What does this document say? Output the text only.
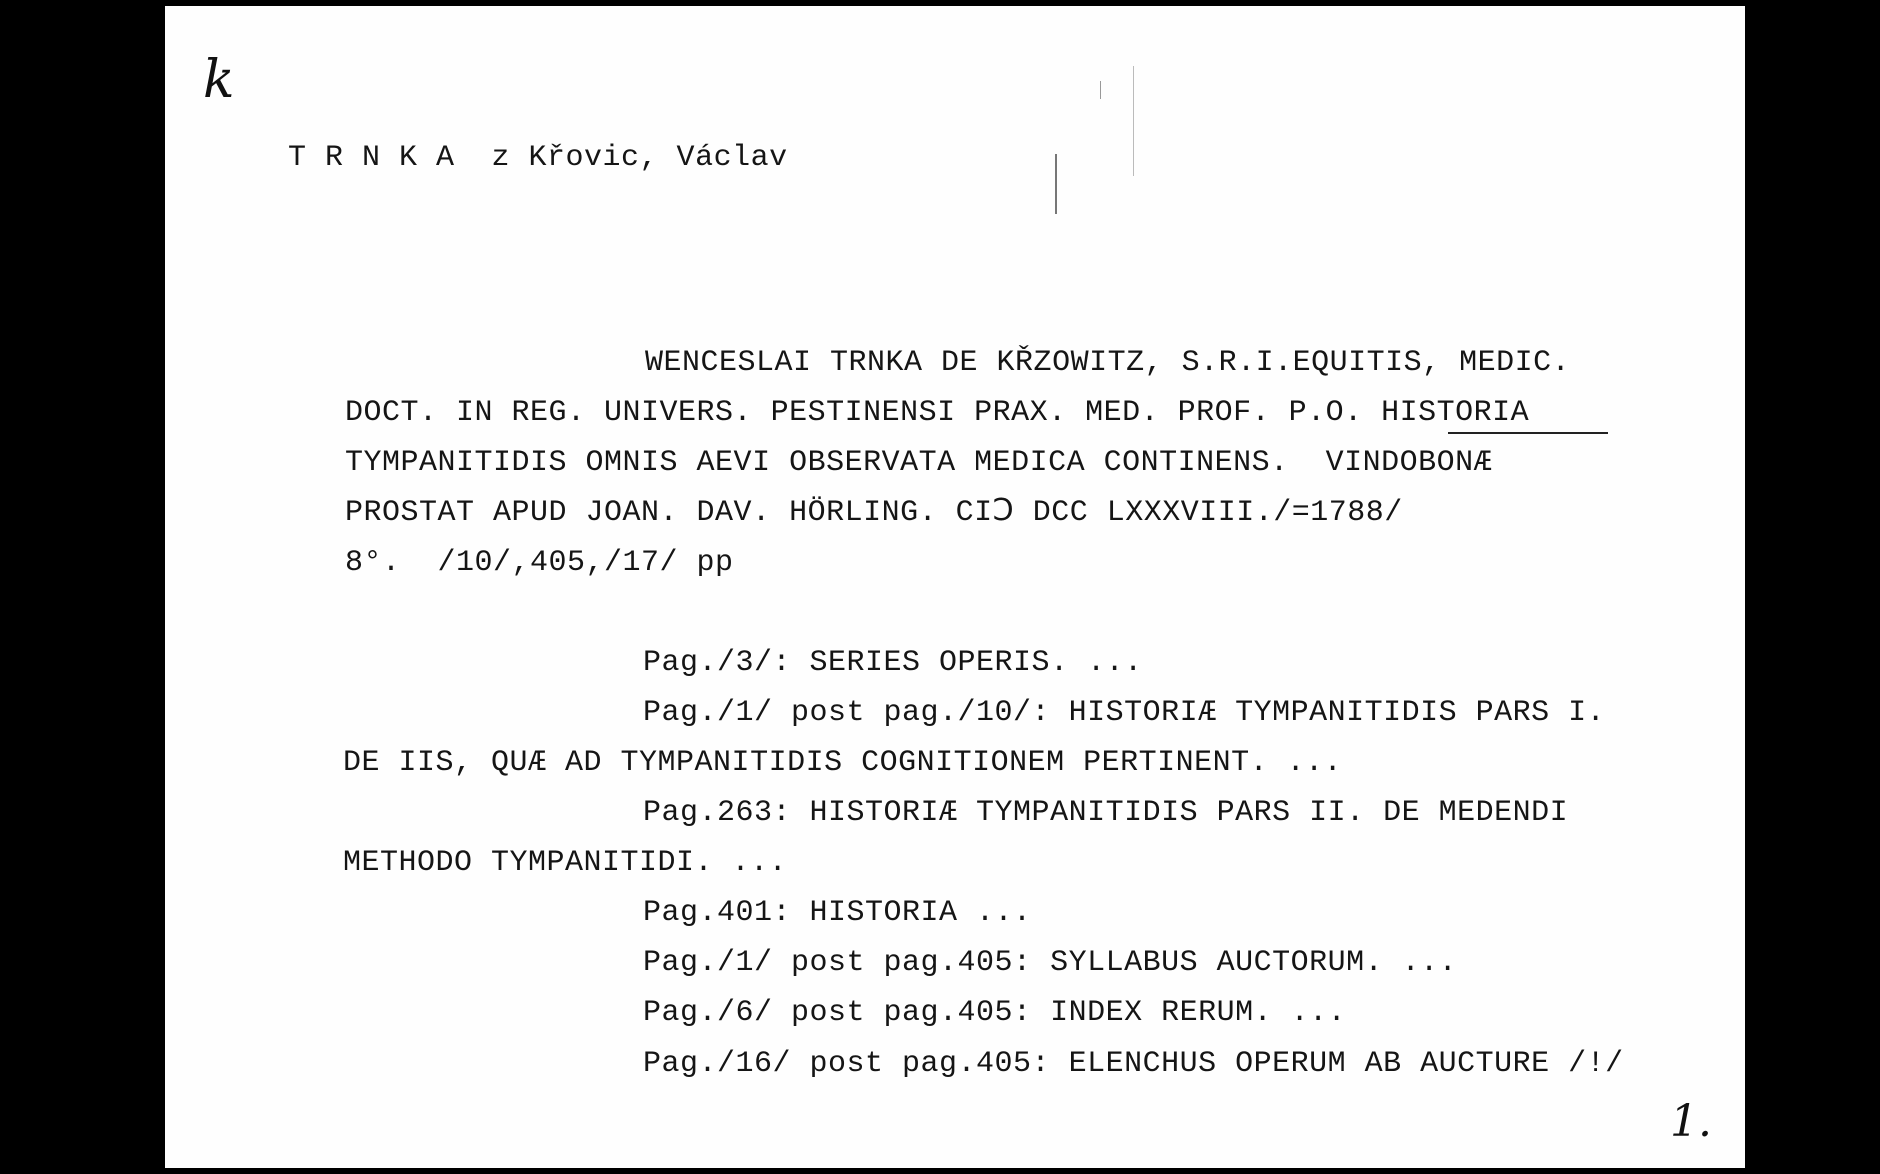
k
T R N K A  z Křovic, Václav
WENCESLAI TRNKA DE KŘZOWITZ, S.R.I.EQUITIS, MEDIC.
DOCT. IN REG. UNIVERS. PESTINENSI PRAX. MED. PROF. P.O. HISTORIA
TYMPANITIDIS OMNIS AEVI OBSERVATA MEDICA CONTINENS.  VINDOBONÆ
PROSTAT APUD JOAN. DAV. HÖRLING. CIↃ DCC LXXXVIII./=1788/
8°.  /10/,405,/17/ pp
Pag./3/: SERIES OPERIS. ...
Pag./1/ post pag./10/: HISTORIÆ TYMPANITIDIS PARS I.
DE IIS, QUÆ AD TYMPANITIDIS COGNITIONEM PERTINENT. ...
Pag.263: HISTORIÆ TYMPANITIDIS PARS II. DE MEDENDI
METHODO TYMPANITIDI. ...
Pag.401: HISTORIA ...
Pag./1/ post pag.405: SYLLABUS AUCTORUM. ...
Pag./6/ post pag.405: INDEX RERUM. ...
Pag./16/ post pag.405: ELENCHUS OPERUM AB AUCTURE /!/
1.
